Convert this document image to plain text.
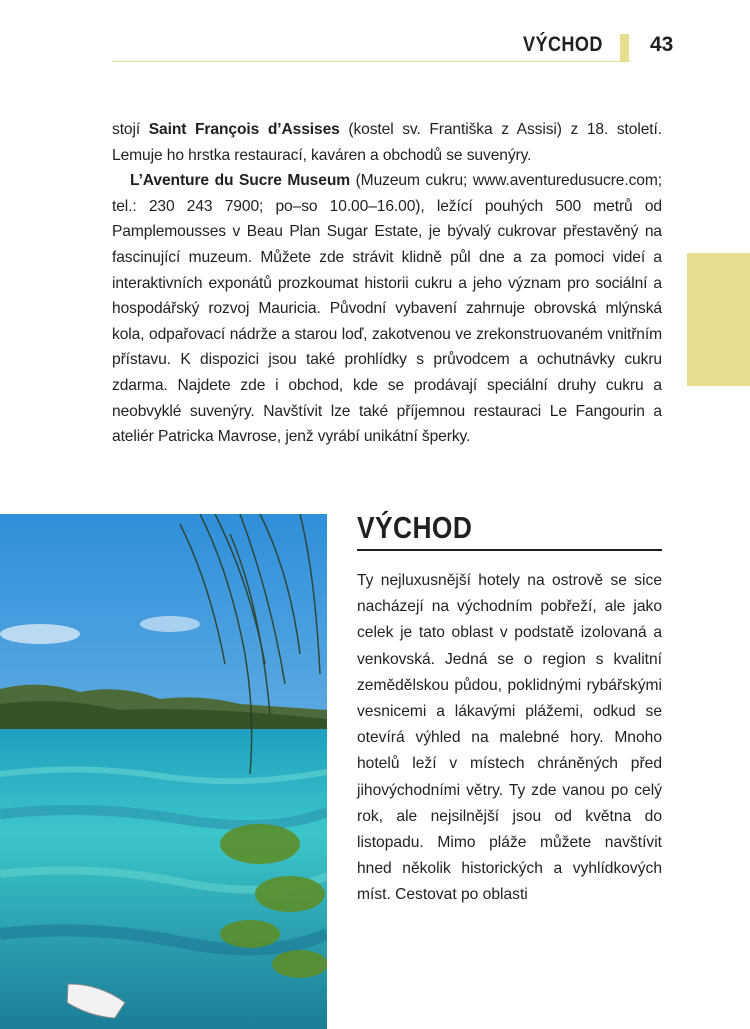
VÝCHOD 43

stojí Saint François d’Assises (kostel sv. Františka z Assisi) z 18. století. Lemuje ho hrstka restaurací, kaváren a obchodů se suvenýry.

L’Aventure du Sucre Museum (Muzeum cukru; www.aventuredusucre.com; tel.: 230 243 7900; po–so 10.00–16.00), ležící pouhých 500 metrů od Pamplemousses v Beau Plan Sugar Estate, je bývalý cukrovar přestavěný na fascinující muzeum. Můžete zde strávit klidně půl dne a za pomoci videí a interaktivních exponátů prozkoumat historii cukru a jeho význam pro sociální a hospodářský rozvoj Mauricia. Původní vybavení zahrnuje obrovská mlýnská kola, odpařovací nádrže a starou loď, zakotvenou ve zrekonstruovaném vnitřním přístavu. K dispozici jsou také prohlídky s průvodcem a ochutnávky cukru zdarma. Najdete zde i obchod, kde se prodávají speciální druhy cukru a neobvyklé suvenýry. Navštívit lze také příjemnou restauraci Le Fangourin a ateliér Patricka Mavrose, jenž vyrábí unikátní šperky.

VÝCHOD

Ty nejluxusnější hotely na ostrově se sice nacházejí na východním pobřeží, ale jako celek je tato oblast v podstatě izolovaná a venkovská. Jedná se o region s kvalitní zemědělskou půdou, poklidnými rybářskými vesnicemi a lákavými plážemi, odkud se otevírá výhled na malebné hory. Mnoho hotelů leží v místech chráněných před jihovýchodními větry. Ty zde vanou po celý rok, ale nejsilnější jsou od května do listopadu. Mimo pláže můžete navštívit hned několik historických a vyhlídkových míst. Cestovat po oblasti
